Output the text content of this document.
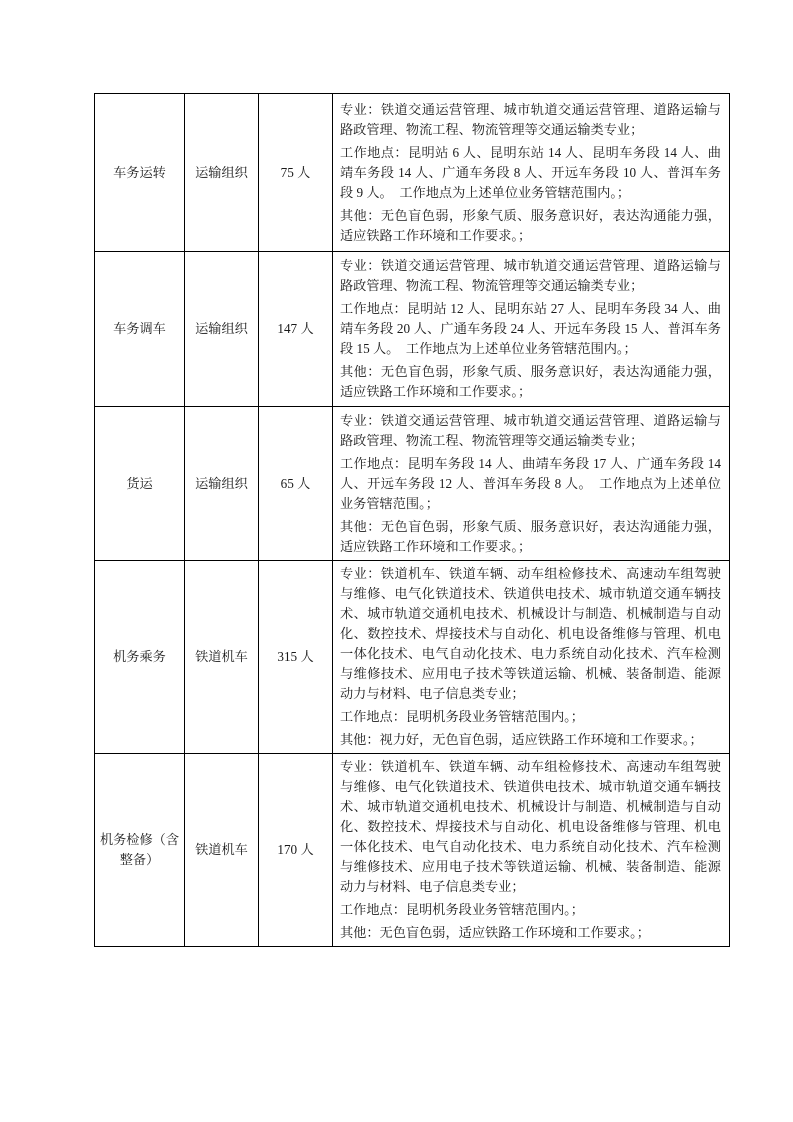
车务运转	运输组织	75 人	专业：铁道交通运营管理、城市轨道交通运营管理、道路运输与路政管理、物流工程、物流管理等交通运输类专业；

工作地点：昆明站 6 人、昆明东站 14 人、昆明车务段 14 人、曲靖车务段 14 人、广通车务段 8 人、开远车务段 10 人、普洱车务段 9 人。　工作地点为上述单位业务管辖范围内。；

其他：无色盲色弱，形象气质、服务意识好，表达沟通能力强，适应铁路工作环境和工作要求。；

车务调车	运输组织	147 人	专业：铁道交通运营管理、城市轨道交通运营管理、道路运输与路政管理、物流工程、物流管理等交通运输类专业；

工作地点：昆明站 12 人、昆明东站 27 人、昆明车务段 34 人、曲靖车务段 20 人、广通车务段 24 人、开远车务段 15 人、普洱车务段 15 人。　工作地点为上述单位业务管辖范围内。；

其他：无色盲色弱，形象气质、服务意识好，表达沟通能力强，适应铁路工作环境和工作要求。；

货运	运输组织	65 人	专业：铁道交通运营管理、城市轨道交通运营管理、道路运输与路政管理、物流工程、物流管理等交通运输类专业；

工作地点：昆明车务段 14 人、曲靖车务段 17 人、广通车务段 14 人、开远车务段 12 人、普洱车务段 8 人。　工作地点为上述单位业务管辖范围。；

其他：无色盲色弱，形象气质、服务意识好，表达沟通能力强，适应铁路工作环境和工作要求。；

机务乘务	铁道机车	315 人	专业：铁道机车、铁道车辆、动车组检修技术、高速动车组驾驶与维修、电气化铁道技术、铁道供电技术、城市轨道交通车辆技术、城市轨道交通机电技术、机械设计与制造、机械制造与自动化、数控技术、焊接技术与自动化、机电设备维修与管理、机电一体化技术、电气自动化技术、电力系统自动化技术、汽车检测与维修技术、应用电子技术等铁道运输、机械、装备制造、能源动力与材料、电子信息类专业；

工作地点：昆明机务段业务管辖范围内。；

其他：视力好，无色盲色弱，适应铁路工作环境和工作要求。；

机务检修（含整备）	铁道机车	170 人	专业：铁道机车、铁道车辆、动车组检修技术、高速动车组驾驶与维修、电气化铁道技术、铁道供电技术、城市轨道交通车辆技术、城市轨道交通机电技术、机械设计与制造、机械制造与自动化、数控技术、焊接技术与自动化、机电设备维修与管理、机电一体化技术、电气自动化技术、电力系统自动化技术、汽车检测与维修技术、应用电子技术等铁道运输、机械、装备制造、能源动力与材料、电子信息类专业；

工作地点：昆明机务段业务管辖范围内。；

其他：无色盲色弱，适应铁路工作环境和工作要求。；
